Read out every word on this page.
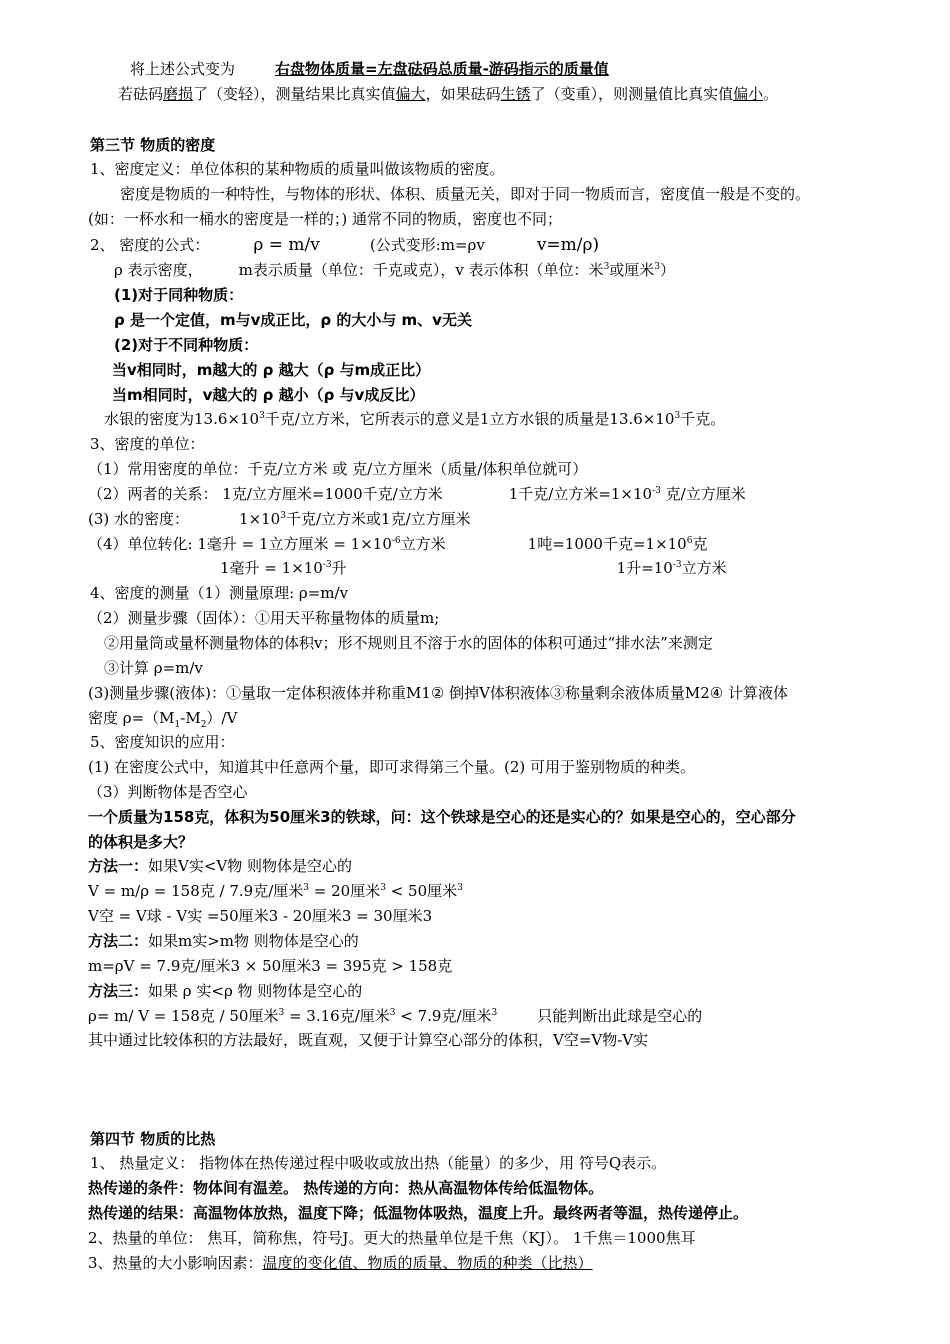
将上述公式变为	右盘物体质量=左盘砝码总质量-游码指示的质量值
若砝码磨损了（变轻），测量结果比真实值偏大，如果砝码生锈了（变重），则测量值比真实值偏小。
第三节 物质的密度
1、密度定义：单位体积的某种物质的质量叫做该物质的密度。
密度是物质的一种特性，与物体的形状、体积、质量无关，即对于同一物质而言，密度值一般是不变的。
(如：一杯水和一桶水的密度是一样的；) 通常不同的物质，密度也不同；
2、 密度的公式：	ρ = m/v	(公式变形:m=ρv	v=m/ρ)
ρ 表示密度， m表示质量（单位：千克或克），v 表示体积（单位：米$^3$或厘米$^3$）
(1)对于同种物质：
ρ 是一个定值，m与v成正比，ρ 的大小与 m、v无关
(2)对于不同种物质：
当v相同时，m越大的 ρ 越大（ρ 与m成正比）
当m相同时，v越大的 ρ 越小（ρ 与v成反比）
水银的密度为$13.6\times 10^3$千克/立方米，它所表示的意义是1立方水银的质量是$13.6\times 10^3$千克。
3、密度的单位：
（1）常用密度的单位：千克/立方米 或 克/立方厘米（质量/体积单位就可）
（2）两者的关系： 1克/立方厘米=1000千克/立方米	1千克/立方米$=1\times 10^{-3}$ 克/立方厘米
(3) 水的密度：	$1\times 10^3$千克/立方米或1克/立方厘米
（4）单位转化: 1毫升 = 1立方厘米 = $1\times 10^{-6}$立方米	1吨=1000千克$=1\times 10^6$克
1毫升 = $1\times 10^{-3}$升	1升$=10^{-3}$立方米
4、密度的测量（1）测量原理: ρ=m/v
（2）测量步骤（固体）：①用天平称量物体的质量m;
②用量筒或量杯测量物体的体积v；形不规则且不溶于水的固体的体积可通过“排水法”来测定
③计算 ρ=m/v
(3)测量步骤(液体)：①量取一定体积液体并称重M1② 倒掉V体积液体③称量剩余液体质量M2④ 计算液体
密度 $\rho=(M_1-M_2)/V$
5、密度知识的应用：
(1) 在密度公式中，知道其中任意两个量，即可求得第三个量。(2) 可用于鉴别物质的种类。
（3）判断物体是否空心
一个质量为158克，体积为50厘米3的铁球，问：这个铁球是空心的还是实心的？如果是空心的，空心部分
的体积是多大？
方法一：如果V实<V物 则物体是空心的
V = m/ρ = 158克 / 7.9克/厘米$^3$ = 20厘米$^3$ < 50厘米$^3$
V空 = V球 - V实 =50厘米3 - 20厘米3 = 30厘米3
方法二：如果m实>m物 则物体是空心的
m=ρV = 7.9克/厘米3 × 50厘米3 = 395克 > 158克
方法三：如果 ρ 实<ρ 物 则物体是空心的
ρ= m/ V = 158克 / 50厘米$^3$ = 3.16克/厘米$^3$ < 7.9克/厘米$^3$	只能判断出此球是空心的
其中通过比较体积的方法最好，既直观，又便于计算空心部分的体积，V空=V物-V实
第四节 物质的比热
1、 热量定义： 指物体在热传递过程中吸收或放出热（能量）的多少，用 符号Q表示。
热传递的条件：物体间有温差。 热传递的方向：热从高温物体传给低温物体。
热传递的结果：高温物体放热，温度下降；低温物体吸热，温度上升。最终两者等温，热传递停止。
2、热量的单位： 焦耳，简称焦，符号J。更大的热量单位是千焦（KJ）。 1千焦＝1000焦耳
3、热量的大小影响因素：温度的变化值、物质的质量、物质的种类（比热）
